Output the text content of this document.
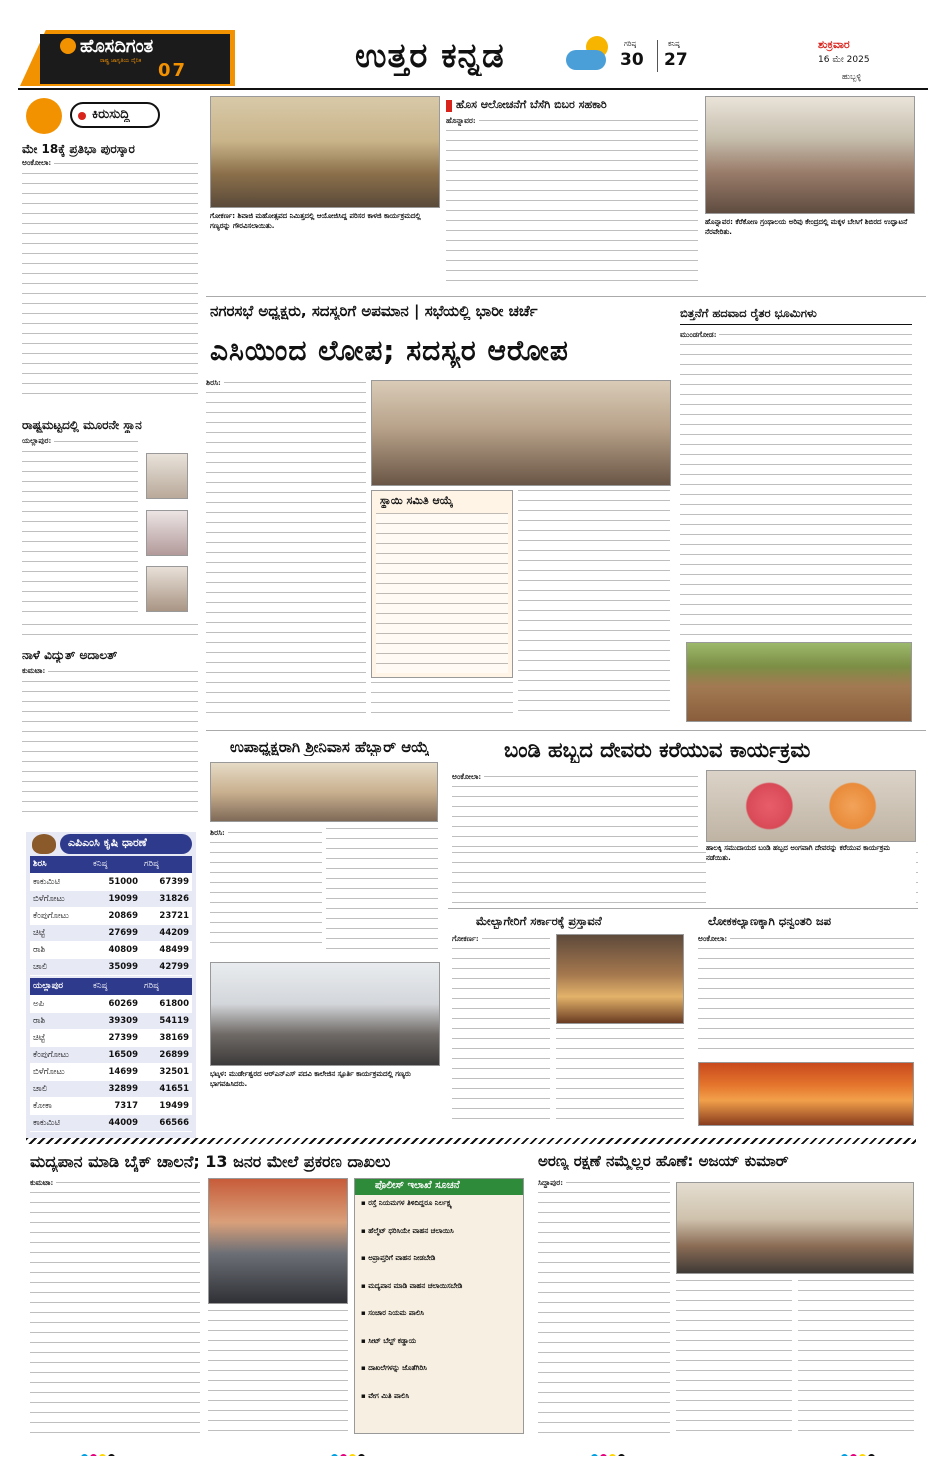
ಹೊಸದಿಗಂತ
ರಾಷ್ಟ್ರ ಜಾಗೃತಿಯ ದೈನಿಕ 07	ಉತ್ತರ ಕನ್ನಡ	ಗರಿಷ್ಠ
30
ಕನಿಷ್ಠ
27
ಶುಕ್ರವಾರ
16 ಮೇ 2025
ಹುಬ್ಬಳ್ಳಿ
ಕಿರುಸುದ್ದಿ
ಮೇ 18ಕ್ಕೆ ಪ್ರತಿಭಾ ಪುರಸ್ಕಾರ
ಅಂಕೋಲಾ:
ರಾಷ್ಟ್ರಮಟ್ಟದಲ್ಲಿ ಮೂರನೇ ಸ್ಥಾನ
ಯಲ್ಲಾಪುರ:
ನಾಳೆ ವಿದ್ಯುತ್ ಅದಾಲತ್
ಕುಮಟಾ:
ಎಪಿಎಂಸಿ ಕೃಷಿ ಧಾರಣೆ
ಶಿರಸಿ	ಕನಿಷ್ಠ	ಗರಿಷ್ಠ
ಕಾಕುಮಿಟಿ	51000	67399
ಬಿಳೆಗೋಟು	19099	31826
ಕೆಂಪುಗೋಟು	20869	23721
ಚಿಟ್ಟೆ	27699	44209
ರಾಶಿ	40809	48499
ಚಾಲಿ	35099	42799
ಯಲ್ಲಾಪುರ	ಕನಿಷ್ಠ	ಗರಿಷ್ಠ
ಅಪಿ	60269	61800
ರಾಶಿ	39309	54119
ಚಿಟ್ಟೆ	27399	38169
ಕೆಂಪುಗೋಟು	16509	26899
ಬಿಳೆಗೋಟು	14699	32501
ಚಾಲಿ	32899	41651
ಕೋಕಾ	7317	19499
ಕಾಕುಮಿಟಿ	44009	66566
ಗೋಕರ್ಣ: ಶಿವಾಜಿ ಮಹೋತ್ಸವದ ನಿಮಿತ್ತದಲ್ಲಿ ಆಯೋಜಿಸಿದ್ದ ಪರಿಸರ ಕಾಳಜಿ ಕಾರ್ಯಕ್ರಮದಲ್ಲಿ ಗಣ್ಯರನ್ನು ಗೌರವಿಸಲಾಯಿತು.
ಹೊಸ ಆಲೋಚನೆಗೆ ಬೆಸೆಗಿ ಬಿಬರ ಸಹಕಾರಿ
ಹೊನ್ನಾವರ:
ಹೊನ್ನಾವರ: ಕೆರೆಕೋಣ ಗ್ರಂಥಾಲಯ ಅರಿವು ಕೇಂದ್ರದಲ್ಲಿ ಮಕ್ಕಳ ಬೇಸಿಗೆ ಶಿಬಿರದ ಉದ್ಘಾಟನೆ ನೆರವೇರಿತು.
ನಗರಸಭೆ ಅಧ್ಯಕ್ಷರು, ಸದಸ್ಯರಿಗೆ ಅಪಮಾನ | ಸಭೆಯಲ್ಲಿ ಭಾರೀ ಚರ್ಚೆ
ಎಸಿಯಿಂದ ಲೋಪ; ಸದಸ್ಯರ ಆರೋಪ
ಶಿರಸಿ:
ಸ್ಥಾಯಿ ಸಮಿತಿ ಆಯ್ಕೆ
ಬಿತ್ತನೆಗೆ ಹದವಾದ ರೈತರ ಭೂಮಿಗಳು
ಮುಂಡಗೋಡ:
ಉಪಾಧ್ಯಕ್ಷರಾಗಿ ಶ್ರೀನಿವಾಸ ಹೆಬ್ಬಾರ್ ಆಯ್ಕೆ
ಶಿರಸಿ:
ಬಂಡಿ ಹಬ್ಬದ ದೇವರು ಕರೆಯುವ ಕಾರ್ಯಕ್ರಮ
ಅಂಕೋಲಾ:
ಹಾಲಕ್ಕಿ ಸಮುದಾಯದ ಬಂಡಿ ಹಬ್ಬದ ಅಂಗವಾಗಿ ದೇವರನ್ನು ಕರೆಯುವ ಕಾರ್ಯಕ್ರಮ ನಡೆಯಿತು.
ಮೇಲ್ಭಾಗೇರಿಗೆ ಸರ್ಕಾರಕ್ಕೆ ಪ್ರಸ್ತಾವನೆ
ಗೋಕರ್ಣ:
ಲೋಕಕಲ್ಯಾಣಕ್ಕಾಗಿ ಧನ್ವಂತರಿ ಜಪ
ಅಂಕೋಲಾ:
ಭಟ್ಕಳ: ಮುರ್ಡೇಶ್ವರದ ಆರ್‌ಎನ್‌ಎಸ್ ಪದವಿ ಕಾಲೇಜಿನ ಸ್ಪೂರ್ತಿ ಕಾರ್ಯಕ್ರಮದಲ್ಲಿ ಗಣ್ಯರು ಭಾಗವಹಿಸಿದರು.
ಮದ್ಯಪಾನ ಮಾಡಿ ಬೈಕ್ ಚಾಲನೆ; 13 ಜನರ ಮೇಲೆ ಪ್ರಕರಣ ದಾಖಲು
ಕುಮಟಾ:	ಪೊಲೀಸ್ ಇಲಾಖೆ ಸೂಚನೆ
▪ ರಸ್ತೆ ನಿಯಮಗಳ ತಿಳಿದಿದ್ದರೂ ನಿರ್ಲಕ್ಷ್ಯ
▪ ಹೆಲ್ಮೆಟ್ ಧರಿಸಿಯೇ ವಾಹನ ಚಲಾಯಿಸಿ
▪ ಅಪ್ರಾಪ್ತರಿಗೆ ವಾಹನ ನೀಡಬೇಡಿ
▪ ಮದ್ಯಪಾನ ಮಾಡಿ ವಾಹನ ಚಲಾಯಿಸಬೇಡಿ
▪ ಸಂಚಾರ ನಿಯಮ ಪಾಲಿಸಿ
▪ ಸೀಟ್ ಬೆಲ್ಟ್ ಕಡ್ಡಾಯ
▪ ದಾಖಲೆಗಳನ್ನು ಜೊತೆಗಿರಿಸಿ
▪ ವೇಗ ಮಿತಿ ಪಾಲಿಸಿ
ಅರಣ್ಯ ರಕ್ಷಣೆ ನಮ್ಮೆಲ್ಲರ ಹೊಣೆ: ಅಜಯ್ ಕುಮಾರ್
ಸಿದ್ದಾಪುರ:
